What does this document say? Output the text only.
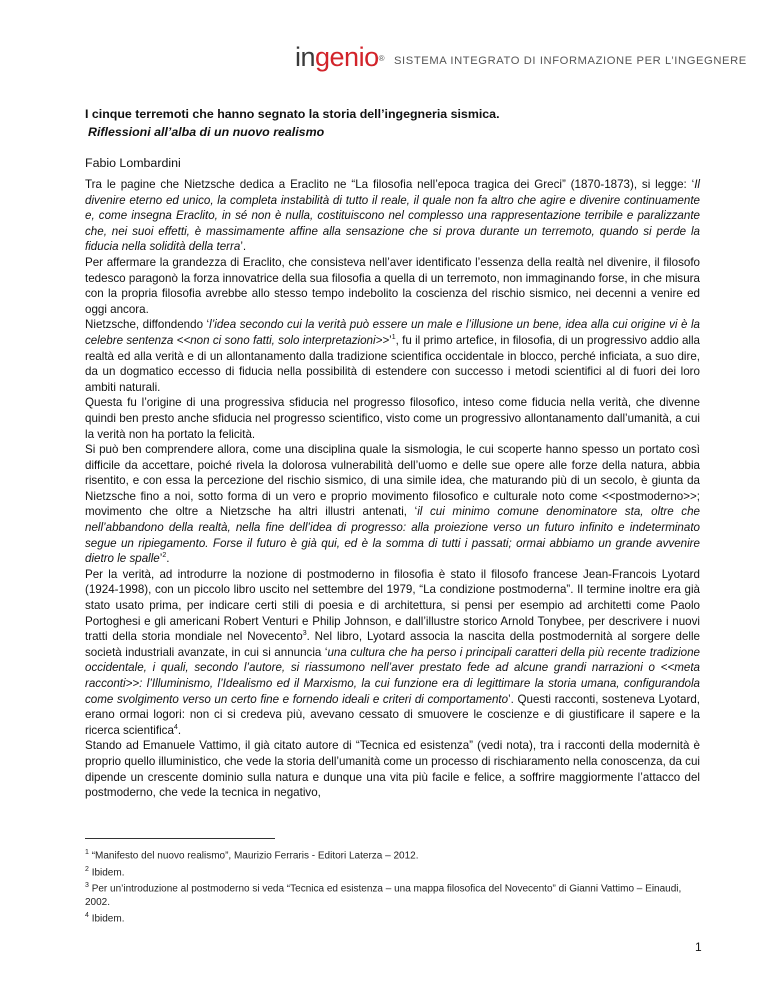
ingenio® SISTEMA INTEGRATO DI INFORMAZIONE PER L’INGEGNERE
I cinque terremoti che hanno segnato la storia dell’ingegneria sismica.
Riflessioni all’alba di un nuovo realismo
Fabio Lombardini

Tra le pagine che Nietzsche dedica a Eraclito ne “La filosofia nell’epoca tragica dei Greci” (1870-1873), si legge: ‘Il divenire eterno ed unico, la completa instabilità di tutto il reale, il quale non fa altro che agire e divenire continuamente e, come insegna Eraclito, in sé non è nulla, costituiscono nel complesso una rappresentazione terribile e paralizzante che, nei suoi effetti, è massimamente affine alla sensazione che si prova durante un terremoto, quando si perde la fiducia nella solidità della terra’.

Per affermare la grandezza di Eraclito, che consisteva nell’aver identificato l’essenza della realtà nel divenire, il filosofo tedesco paragonò la forza innovatrice della sua filosofia a quella di un terremoto, non immaginando forse, in che misura con la propria filosofia avrebbe allo stesso tempo indebolito la coscienza del rischio sismico, nei decenni a venire ed oggi ancora.

Nietzsche, diffondendo ‘l’idea secondo cui la verità può essere un male e l’illusione un bene, idea alla cui origine vi è la celebre sentenza <<non ci sono fatti, solo interpretazioni>>’$^1$, fu il primo artefice, in filosofia, di un progressivo addio alla realtà ed alla verità e di un allontanamento dalla tradizione scientifica occidentale in blocco, perché inficiata, a suo dire, da un dogmatico eccesso di fiducia nella possibilità di estendere con successo i metodi scientifici al di fuori dei loro ambiti naturali.

Questa fu l’origine di una progressiva sfiducia nel progresso filosofico, inteso come fiducia nella verità, che divenne quindi ben presto anche sfiducia nel progresso scientifico, visto come un progressivo allontanamento dall’umanità, a cui la verità non ha portato la felicità.

Si può ben comprendere allora, come una disciplina quale la sismologia, le cui scoperte hanno spesso un portato così difficile da accettare, poiché rivela la dolorosa vulnerabilità dell’uomo e delle sue opere alle forze della natura, abbia risentito, e con essa la percezione del rischio sismico, di una simile idea, che maturando più di un secolo, è giunta da Nietzsche fino a noi, sotto forma di un vero e proprio movimento filosofico e culturale noto come <<postmoderno>>; movimento che oltre a Nietzsche ha altri illustri antenati, ‘il cui minimo comune denominatore sta, oltre che nell’abbandono della realtà, nella fine dell’idea di progresso: alla proiezione verso un futuro infinito e indeterminato segue un ripiegamento. Forse il futuro è già qui, ed è la somma di tutti i passati; ormai abbiamo un grande avvenire dietro le spalle’$^2$.

Per la verità, ad introdurre la nozione di postmoderno in filosofia è stato il filosofo francese Jean-Francois Lyotard (1924-1998), con un piccolo libro uscito nel settembre del 1979, “La condizione postmoderna”. Il termine inoltre era già stato usato prima, per indicare certi stili di poesia e di architettura, si pensi per esempio ad architetti come Paolo Portoghesi e gli americani Robert Venturi e Philip Johnson, e dall’illustre storico Arnold Tonybee, per descrivere i nuovi tratti della storia mondiale nel Novecento$^3$. Nel libro, Lyotard associa la nascita della postmodernità al sorgere delle società industriali avanzate, in cui si annuncia ‘una cultura che ha perso i principali caratteri della più recente tradizione occidentale, i quali, secondo l’autore, si riassumono nell’aver prestato fede ad alcune grandi narrazioni o <<meta racconti>>: l’Illuminismo, l’Idealismo ed il Marxismo, la cui funzione era di legittimare la storia umana, configurandola come svolgimento verso un certo fine e fornendo ideali e criteri di comportamento’. Questi racconti, sosteneva Lyotard, erano ormai logori: non ci si credeva più, avevano cessato di smuovere le coscienze e di giustificare il sapere e la ricerca scientifica$^4$.

Stando ad Emanuele Vattimo, il già citato autore di “Tecnica ed esistenza” (vedi nota), tra i racconti della modernità è proprio quello illuministico, che vede la storia dell’umanità come un processo di rischiaramento nella conoscenza, da cui dipende un crescente dominio sulla natura e dunque una vita più facile e felice, a soffrire maggiormente l’attacco del postmoderno, che vede la tecnica in negativo,

$^1$ “Manifesto del nuovo realismo”, Maurizio Ferraris - Editori Laterza – 2012.
$^2$ Ibidem.
$^3$ Per un’introduzione al postmoderno si veda “Tecnica ed esistenza – una mappa filosofica del Novecento” di Gianni Vattimo – Einaudi, 2002.
$^4$ Ibidem.
1
